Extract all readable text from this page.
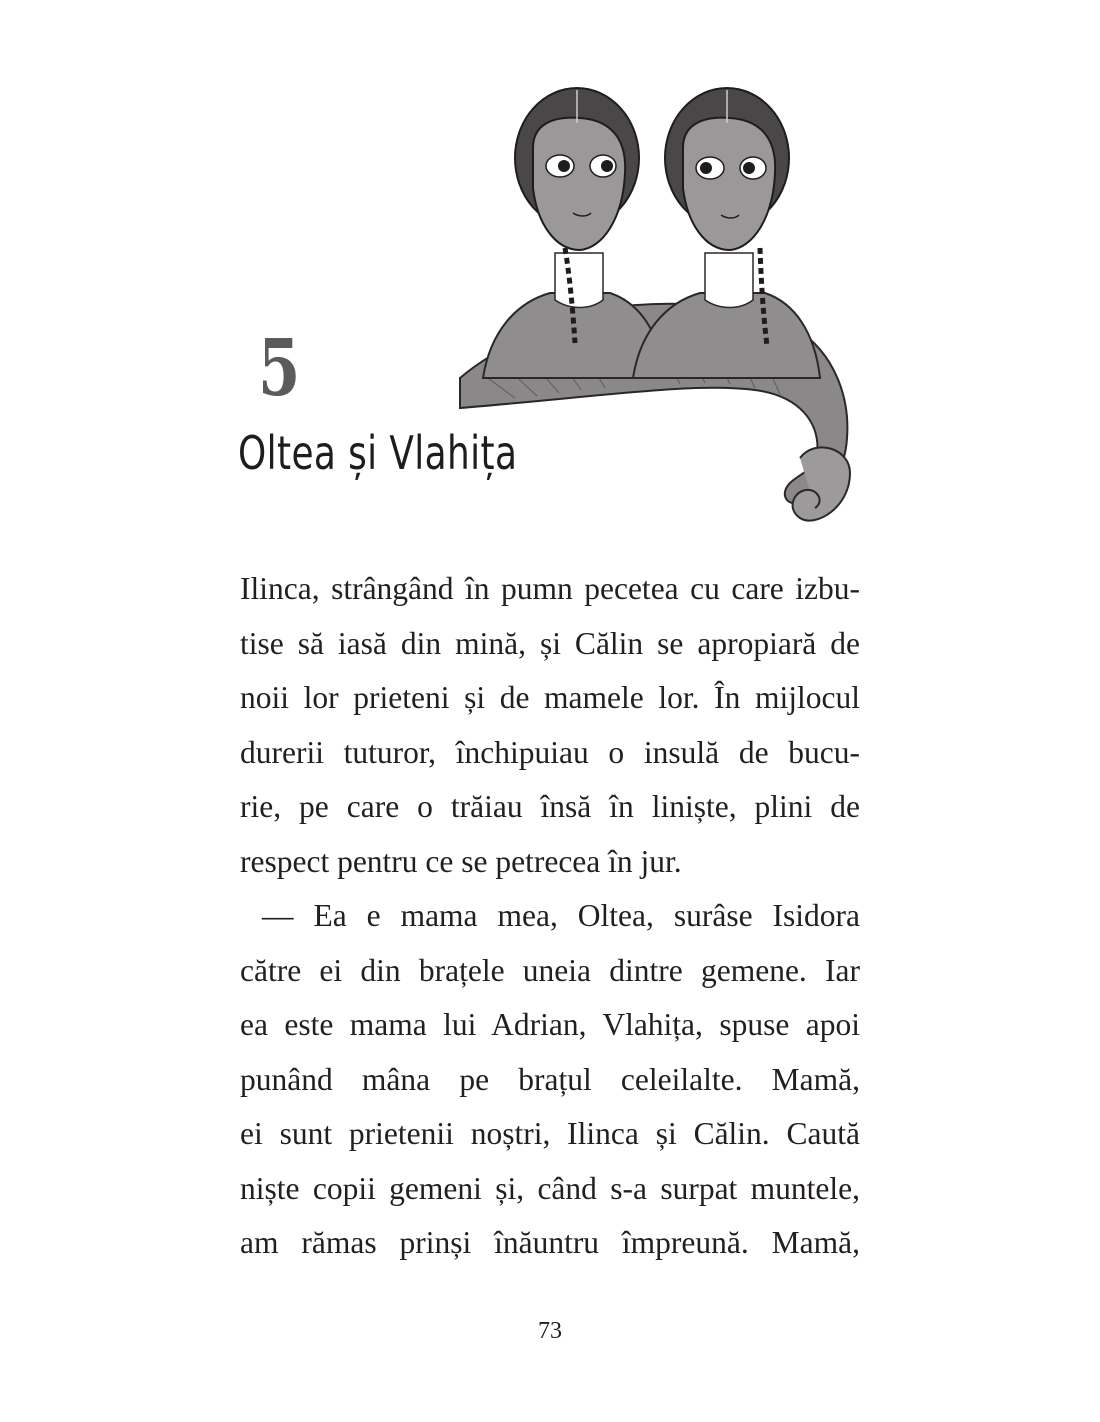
5
Oltea și Vlahița
Ilinca, strângând în pumn pecetea cu care izbu-
tise să iasă din mină, și Călin se apropiară de
noii lor prieteni și de mamele lor. În mijlocul
durerii tuturor, închipuiau o insulă de bucu-
rie, pe care o trăiau însă în liniște, plini de
respect pentru ce se petrecea în jur.
— Ea e mama mea, Oltea, surâse Isidora
către ei din brațele uneia dintre gemene. Iar
ea este mama lui Adrian, Vlahița, spuse apoi
punând mâna pe brațul celeilalte. Mamă,
ei sunt prietenii noștri, Ilinca și Călin. Caută
niște copii gemeni și, când s-a surpat muntele,
am rămas prinși înăuntru împreună. Mamă,
73
